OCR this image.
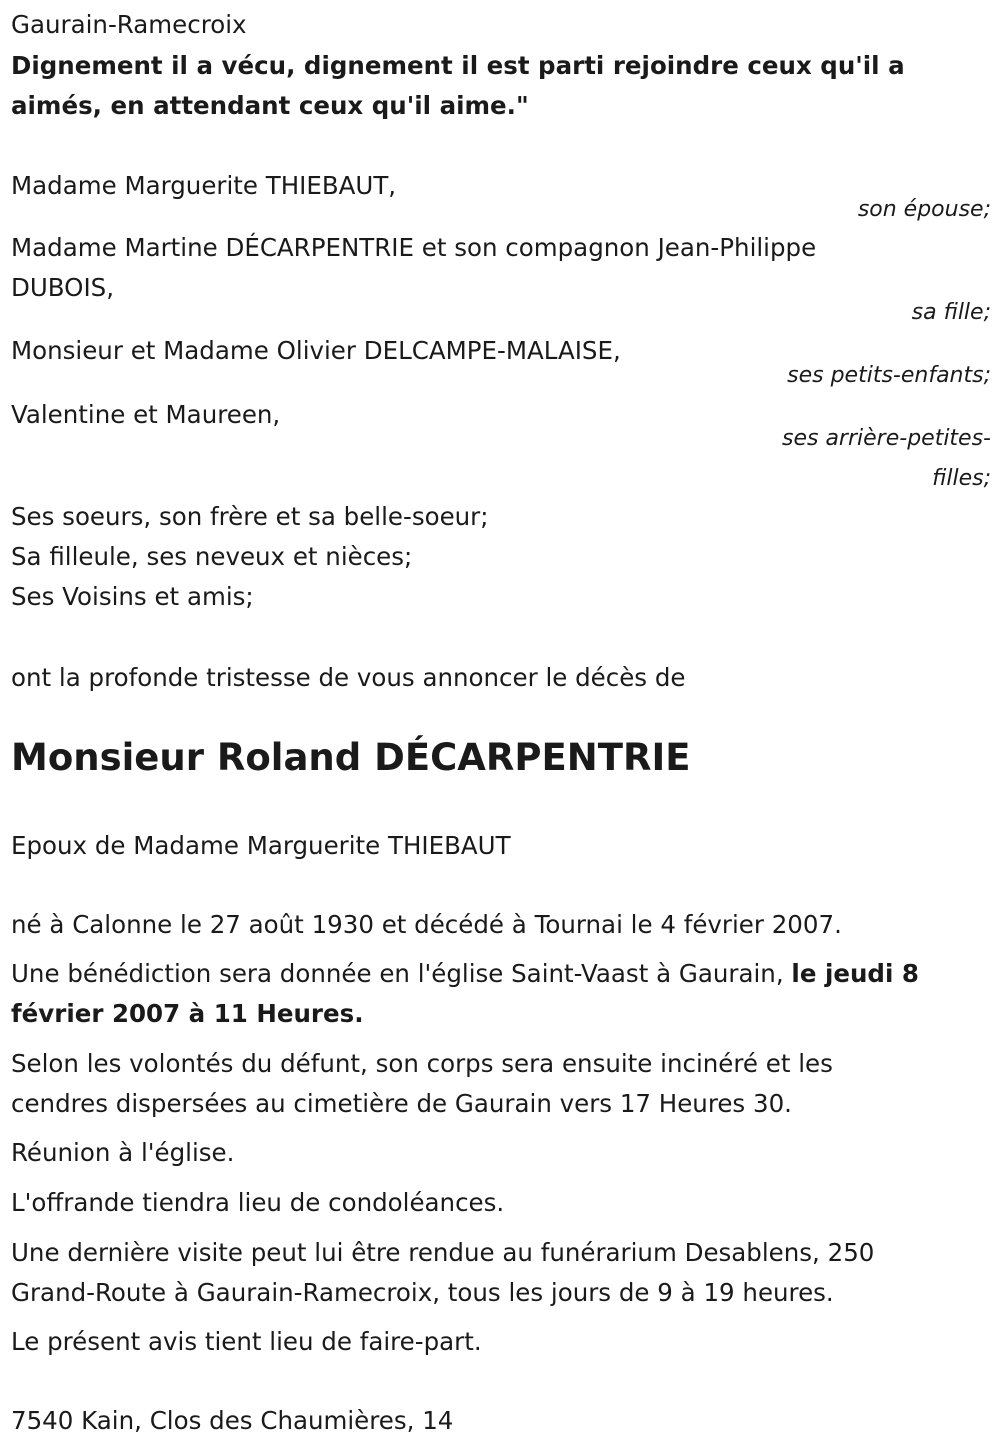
Gaurain-Ramecroix
Dignement il a vécu, dignement il est parti rejoindre ceux qu'il a
aimés, en attendant ceux qu'il aime."
Madame Marguerite THIEBAUT,
son épouse;
Madame Martine DÉCARPENTRIE et son compagnon Jean-Philippe
DUBOIS,
sa fille;
Monsieur et Madame Olivier DELCAMPE-MALAISE,
ses petits-enfants;
Valentine et Maureen,
ses arrière-petites-
filles;
Ses soeurs, son frère et sa belle-soeur;
Sa filleule, ses neveux et nièces;
Ses Voisins et amis;
ont la profonde tristesse de vous annoncer le décès de
Monsieur Roland DÉCARPENTRIE
Epoux de Madame Marguerite THIEBAUT
né à Calonne le 27 août 1930 et décédé à Tournai le 4 février 2007.
Une bénédiction sera donnée en l'église Saint-Vaast à Gaurain, le jeudi 8
février 2007 à 11 Heures.
Selon les volontés du défunt, son corps sera ensuite incinéré et les
cendres dispersées au cimetière de Gaurain vers 17 Heures 30.
Réunion à l'église.
L'offrande tiendra lieu de condoléances.
Une dernière visite peut lui être rendue au funérarium Desablens, 250
Grand-Route à Gaurain-Ramecroix, tous les jours de 9 à 19 heures.
Le présent avis tient lieu de faire-part.
7540 Kain, Clos des Chaumières, 14
